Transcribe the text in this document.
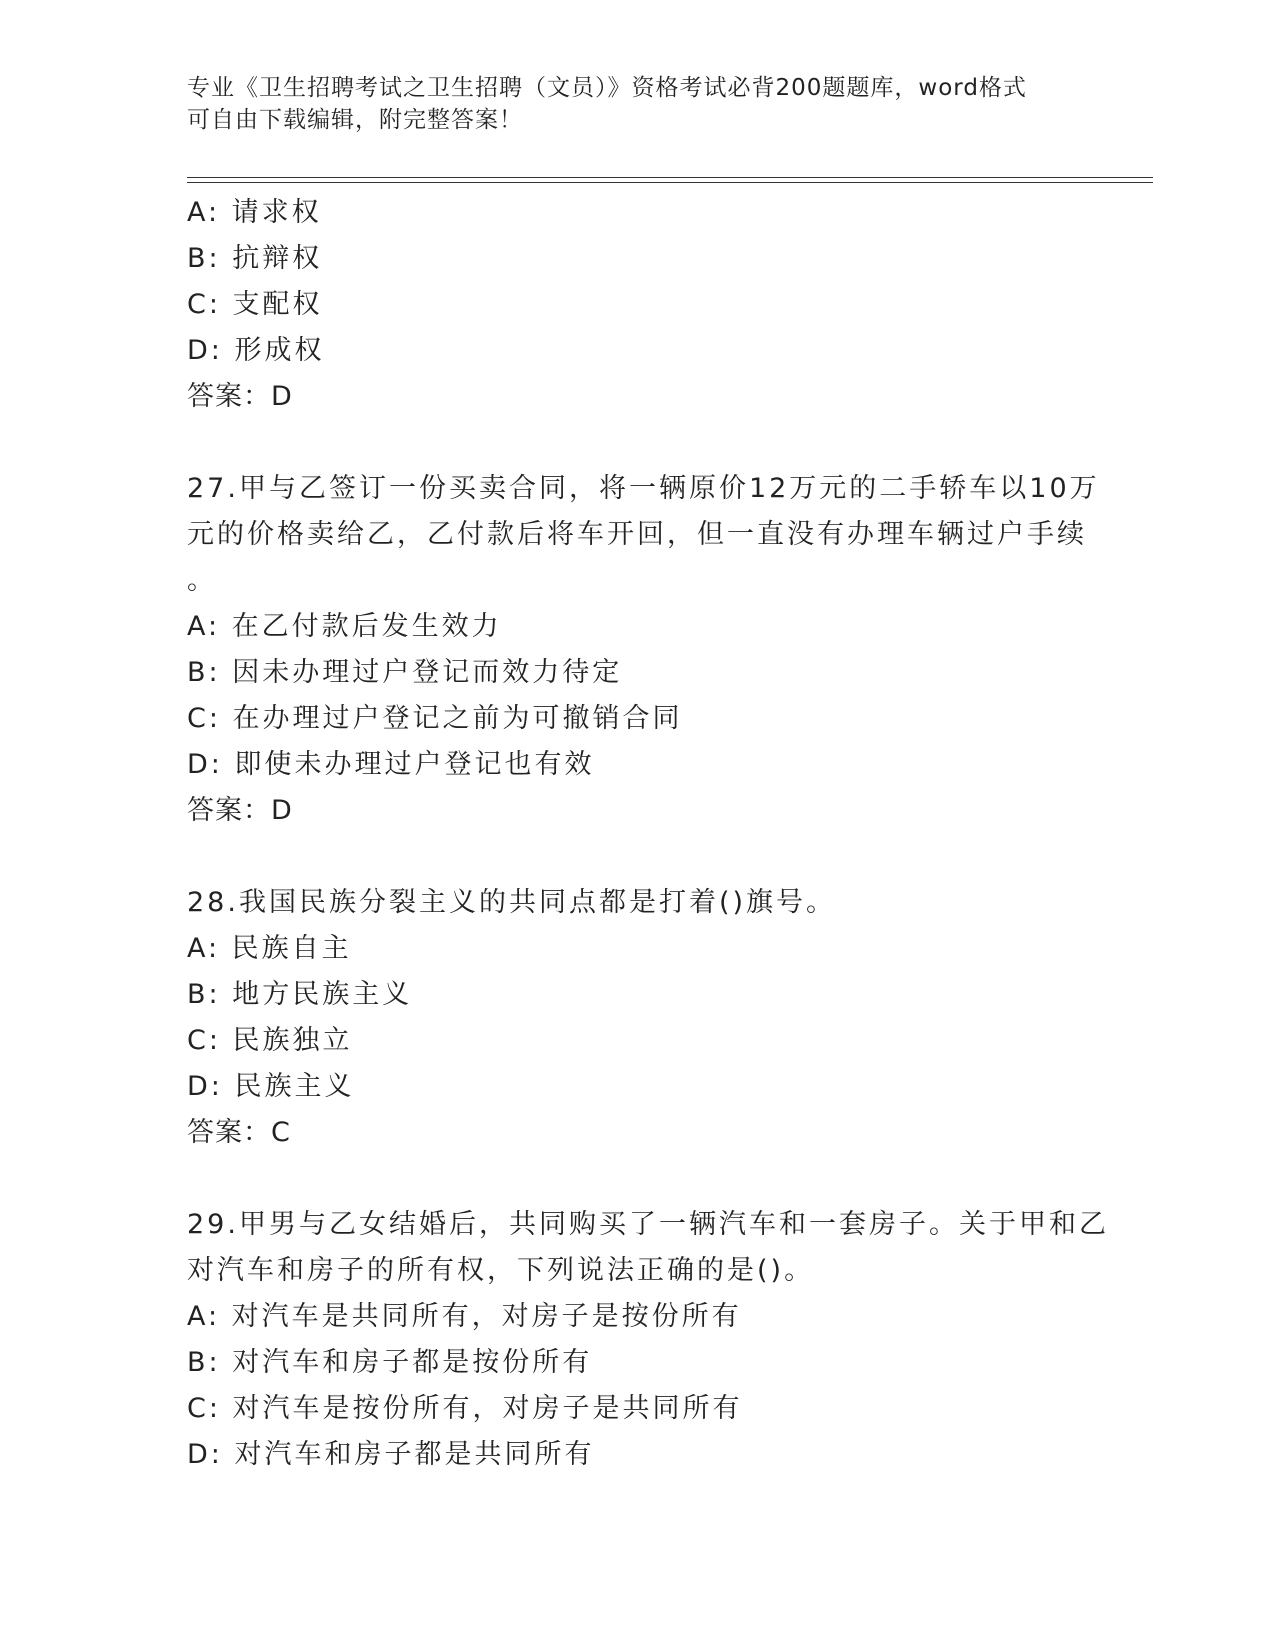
专业《卫生招聘考试之卫生招聘（文员）》资格考试必背200题题库，word格式
可自由下载编辑，附完整答案！
A: 请求权
B: 抗辩权
C: 支配权
D: 形成权
答案：D
27.甲与乙签订一份买卖合同，将一辆原价12万元的二手轿车以10万
元的价格卖给乙，乙付款后将车开回，但一直没有办理车辆过户手续
。
A: 在乙付款后发生效力
B: 因未办理过户登记而效力待定
C: 在办理过户登记之前为可撤销合同
D: 即使未办理过户登记也有效
答案：D
28.我国民族分裂主义的共同点都是打着()旗号。
A: 民族自主
B: 地方民族主义
C: 民族独立
D: 民族主义
答案：C
29.甲男与乙女结婚后，共同购买了一辆汽车和一套房子。关于甲和乙
对汽车和房子的所有权，下列说法正确的是()。
A: 对汽车是共同所有，对房子是按份所有
B: 对汽车和房子都是按份所有
C: 对汽车是按份所有，对房子是共同所有
D: 对汽车和房子都是共同所有
